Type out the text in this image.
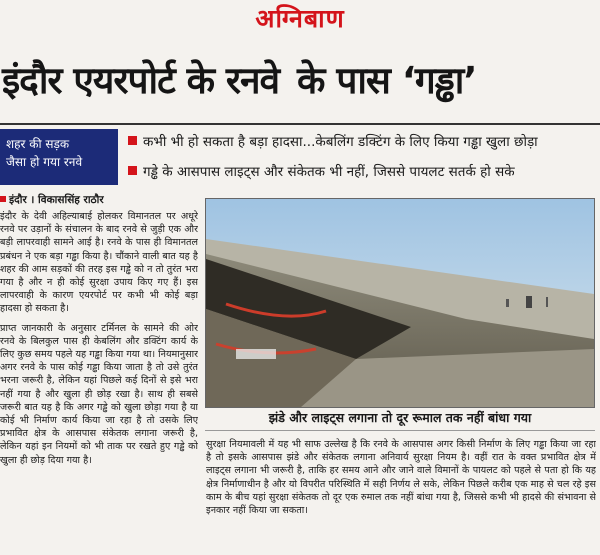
अग्निबाण
इंदौर एयरपोर्ट के रनवे के पास ‘गड्ढा’
शहर की सड़क
जैसा हो गया रनवे
कभी भी हो सकता है बड़ा हादसा...केबलिंग डक्टिंग के लिए किया गड्ढा खुला छोड़ा
गड्ढे के आसपास लाइट्स और संकेतक भी नहीं, जिससे पायलट सतर्क हो सके
इंदौर । विकाससिंह राठौर

इंदौर के देवी अहिल्याबाई होलकर विमानतल पर अधूरे रनवे पर उड़ानों के संचालन के बाद रनवे से जुड़ी एक और बड़ी लापरवाही सामने आई है। रनवे के पास ही विमानतल प्रबंधन ने एक बड़ा गड्ढा किया है। चौंकाने वाली बात यह है शहर की आम सड़कों की तरह इस गड्ढे को न तो तुरंत भरा गया है और न ही कोई सुरक्षा उपाय किए गए हैं। इस लापरवाही के कारण एयरपोर्ट पर कभी भी कोई बड़ा हादसा हो सकता है।

प्राप्त जानकारी के अनुसार टर्मिनल के सामने की ओर रनवे के बिलकुल पास ही केबलिंग और डक्टिंग कार्य के लिए कुछ समय पहले यह गड्ढा किया गया था। नियमानुसार अगर रनवे के पास कोई गड्ढा किया जाता है तो उसे तुरंत भरना जरूरी है, लेकिन यहां पिछले कई दिनों से इसे भरा नहीं गया है और खुला ही छोड़ रखा है। साथ ही सबसे जरूरी बात यह है कि अगर गड्ढे को खुला छोड़ा गया है या कोई भी निर्माण कार्य किया जा रहा है तो उसके लिए प्रभावित क्षेत्र के आसपास संकेतक लगाना जरूरी है, लेकिन यहां इन नियमों को भी ताक पर रखते हुए गड्ढे को खुला ही छोड़ दिया गया है।

झंडे और लाइट्स लगाना तो दूर रूमाल तक नहीं बांधा गया
सुरक्षा नियमावली में यह भी साफ उल्लेख है कि रनवे के आसपास अगर किसी निर्माण के लिए गड्ढा किया जा रहा है तो इसके आसपास झंडे और संकेतक लगाना अनिवार्य सुरक्षा नियम है। वहीं रात के वक्त प्रभावित क्षेत्र में लाइट्स लगाना भी जरूरी है, ताकि हर समय आने और जाने वाले विमानों के पायलट को पहले से पता हो कि यह क्षेत्र निर्माणाधीन है और यो विपरीत परिस्थिति में सही निर्णय ले सके, लेकिन पिछले करीब एक माह से चल रहे इस काम के बीच यहां सुरक्षा संकेतक तो दूर एक रुमाल तक नहीं बांधा गया है, जिससे कभी भी हादसे की संभावना से इनकार नहीं किया जा सकता।
